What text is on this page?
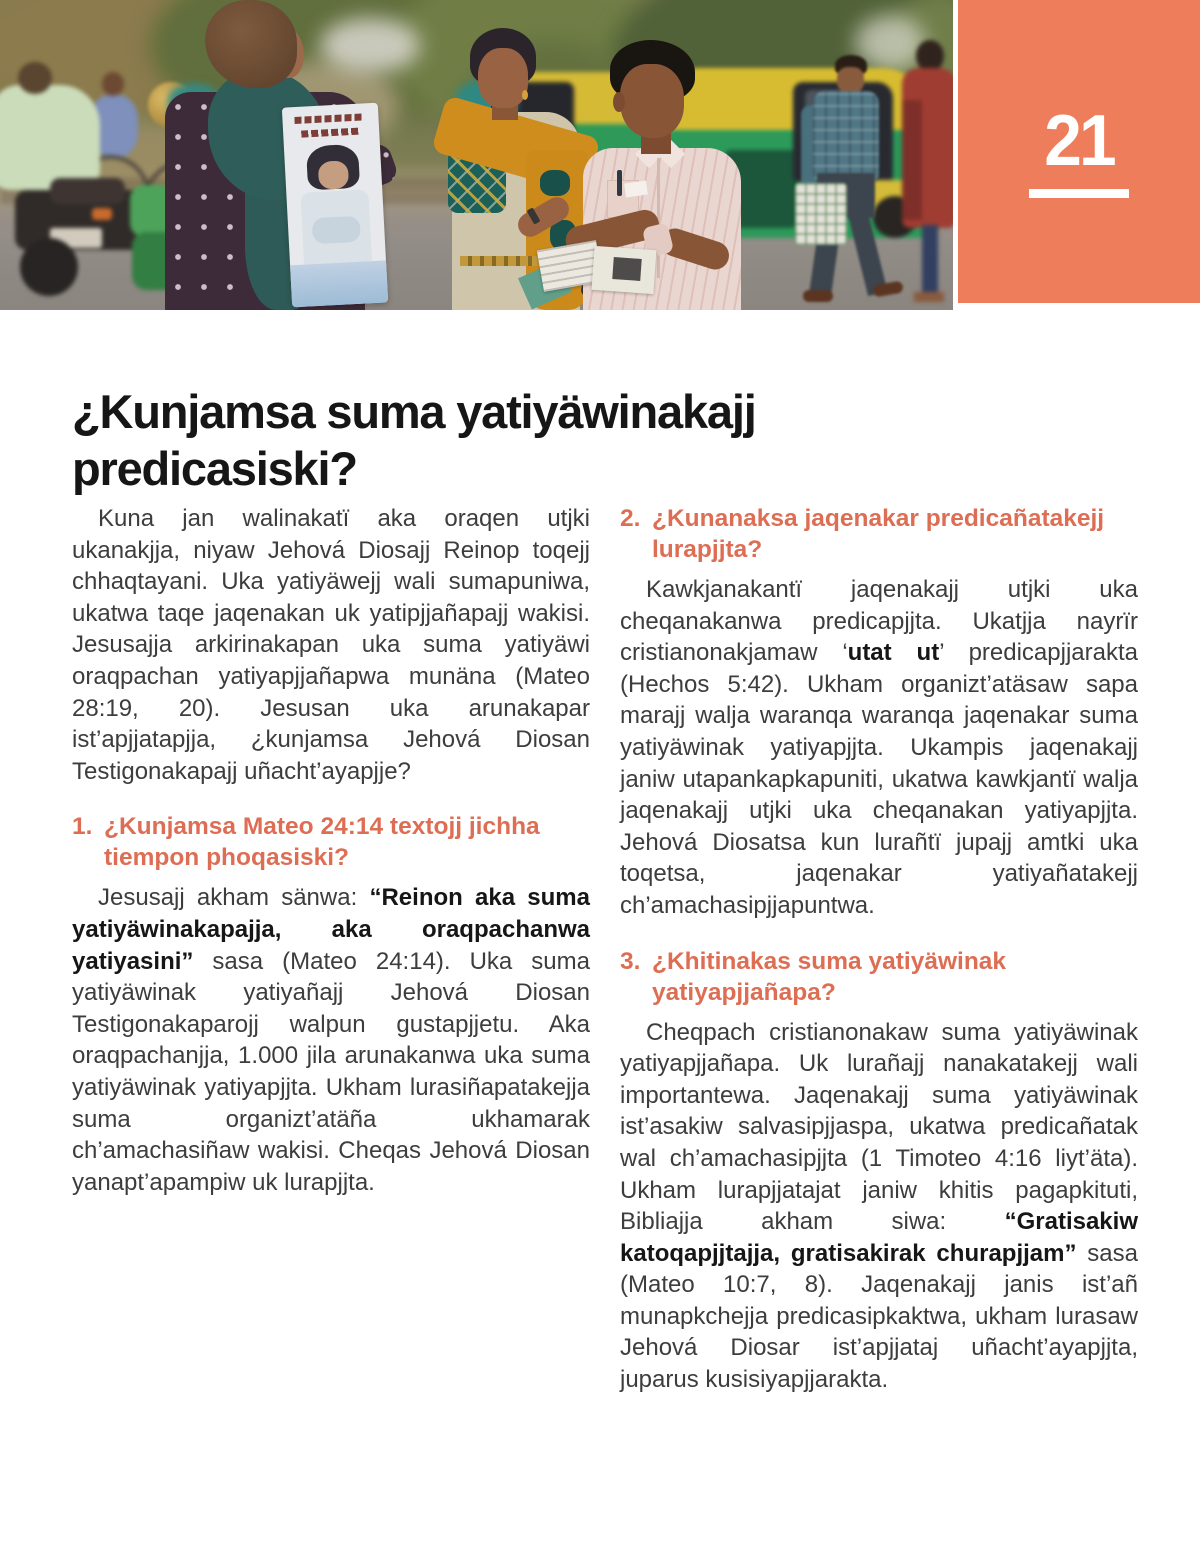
21
¿Kunjamsa suma yatiyäwinakajj predicasiski?

Kuna jan walinakatï aka oraqen utjki ukanakjja, niyaw Jehová Diosajj Reinop toqejj chhaqtayani. Uka yatiyäwejj wali sumapuniwa, ukatwa taqe jaqenakan uk yatipjjañapajj wakisi. Jesusajja arkirinakapan uka suma yatiyäwi oraqpachan yatiyapjjañapwa munäna (Mateo 28:19, 20). Jesusan uka arunakapar ist’apjjatapjja, ¿kunjamsa Jehová Diosan Testigonakapajj uñacht’ayapjje?

1. ¿Kunjamsa Mateo 24:14 textojj jichha tiempon phoqasiski?

Jesusajj akham sänwa: “Reinon aka suma yatiyäwinakapajja, aka oraqpachanwa yatiyasini” sasa (Mateo 24:14). Uka suma yatiyäwinak yatiyañajj Jehová Diosan Testigonakaparojj walpun gustapjjetu. Aka oraqpachanjja, 1.000 jila arunakanwa uka suma yatiyäwinak yatiyapjjta. Ukham lurasiñapatakejja suma organizt’atäña ukhamarak ch’amachasiñaw wakisi. Cheqas Jehová Diosan yanapt’apampiw uk lurapjjta.

2. ¿Kunanaksa jaqenakar predicañatakejj lurapjjta?

Kawkjanakantï jaqenakajj utjki uka cheqanakanwa predicapjjta. Ukatjja nayrïr cristianonakjamaw ‘utat ut’ predicapjjarakta (Hechos 5:42). Ukham organizt’atäsaw sapa marajj walja waranqa waranqa jaqenakar suma yatiyäwinak yatiyapjjta. Ukampis jaqenakajj janiw utapankapkapuniti, ukatwa kawkjantï walja jaqenakajj utjki uka cheqanakan yatiyapjjta. Jehová Diosatsa kun lurañtï jupajj amtki uka toqetsa, jaqenakar yatiyañatakejj ch’amachasipjjapuntwa.

3. ¿Khitinakas suma yatiyäwinak yatiyapjjañapa?

Cheqpach cristianonakaw suma yatiyäwinak yatiyapjjañapa. Uk lurañajj nanakatakejj wali importantewa. Jaqenakajj suma yatiyäwinak ist’asakiw salvasipjjaspa, ukatwa predicañatak wal ch’amachasipjjta (1 Timoteo 4:16 liyt’äta). Ukham lurapjjatajat janiw khitis pagapkituti, Bibliajja akham siwa: “Gratisakiw katoqapjjtajja, gratisakirak churapjjam” sasa (Mateo 10:7, 8). Jaqenakajj janis ist’añ munapkchejja predicasipkaktwa, ukham lurasaw Jehová Diosar ist’apjjataj uñacht’ayapjjta, juparus kusisiyapjjarakta.
